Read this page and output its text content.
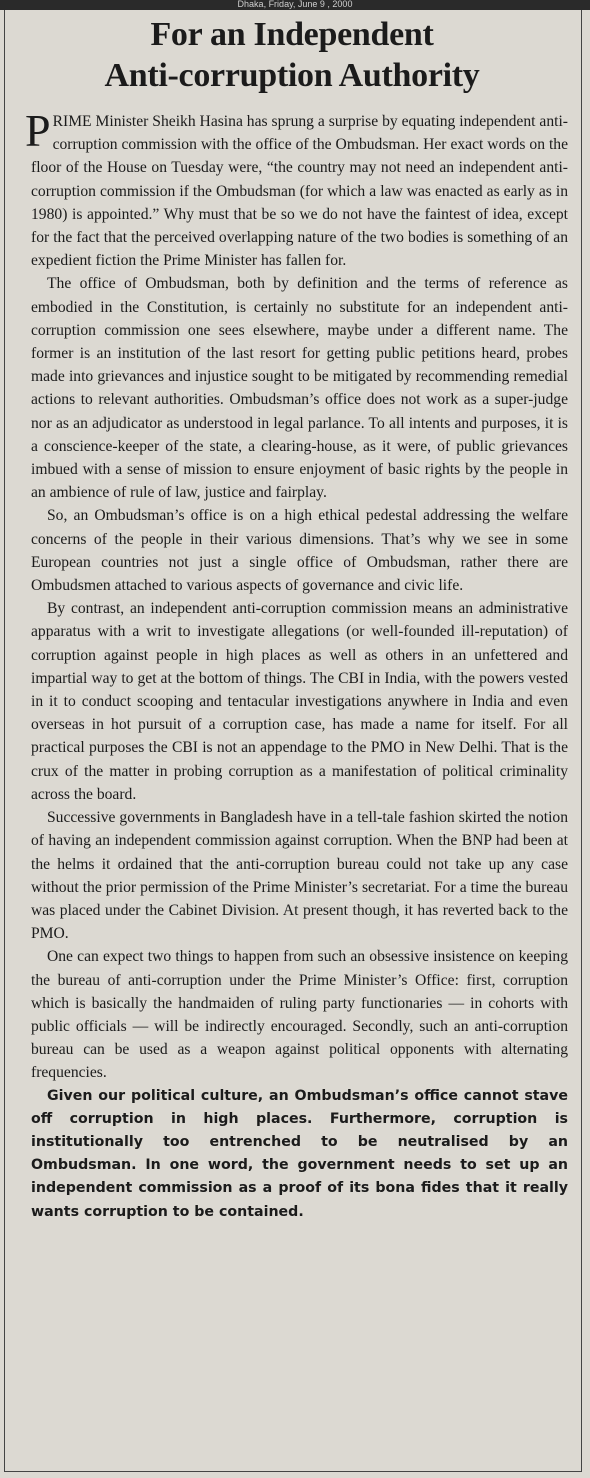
Dhaka, Friday, June 9 , 2000
For an Independent
Anti-corruption Authority

PRIME Minister Sheikh Hasina has sprung a surprise by equating independent anti-corruption commission with the office of the Ombudsman. Her exact words on the floor of the House on Tuesday were, “the country may not need an independent anti-corruption commission if the Ombudsman (for which a law was enacted as early as in 1980) is appointed.” Why must that be so we do not have the faintest of idea, except for the fact that the perceived overlapping nature of the two bodies is something of an expedient fiction the Prime Minister has fallen for.

The office of Ombudsman, both by definition and the terms of reference as embodied in the Constitution, is certainly no substitute for an independent anti-corruption commission one sees elsewhere, maybe under a different name. The former is an institution of the last resort for getting public petitions heard, probes made into grievances and injustice sought to be mitigated by recommending remedial actions to relevant authorities. Ombudsman’s office does not work as a super-judge nor as an adjudicator as understood in legal parlance. To all intents and purposes, it is a conscience-keeper of the state, a clearing-house, as it were, of public grievances imbued with a sense of mission to ensure enjoyment of basic rights by the people in an ambience of rule of law, justice and fairplay.

So, an Ombudsman’s office is on a high ethical pedestal addressing the welfare concerns of the people in their various dimensions. That’s why we see in some European countries not just a single office of Ombudsman, rather there are Ombudsmen attached to various aspects of governance and civic life.

By contrast, an independent anti-corruption commission means an administrative apparatus with a writ to investigate allegations (or well-founded ill-reputation) of corruption against people in high places as well as others in an unfettered and impartial way to get at the bottom of things. The CBI in India, with the powers vested in it to conduct scooping and tentacular investigations anywhere in India and even overseas in hot pursuit of a corruption case, has made a name for itself. For all practical purposes the CBI is not an appendage to the PMO in New Delhi. That is the crux of the matter in probing corruption as a manifestation of political criminality across the board.

Successive governments in Bangladesh have in a tell-tale fashion skirted the notion of having an independent commission against corruption. When the BNP had been at the helms it ordained that the anti-corruption bureau could not take up any case without the prior permission of the Prime Minister’s secretariat. For a time the bureau was placed under the Cabinet Division. At present though, it has reverted back to the PMO.

One can expect two things to happen from such an obsessive insistence on keeping the bureau of anti-corruption under the Prime Minister’s Office: first, corruption which is basically the handmaiden of ruling party functionaries — in cohorts with public officials — will be indirectly encouraged. Secondly, such an anti-corruption bureau can be used as a weapon against political opponents with alternating frequencies.

Given our political culture, an Ombudsman’s office cannot stave off corruption in high places. Furthermore, corruption is institutionally too entrenched to be neutralised by an Ombudsman. In one word, the government needs to set up an independent commission as a proof of its bona fides that it really wants corruption to be contained.
